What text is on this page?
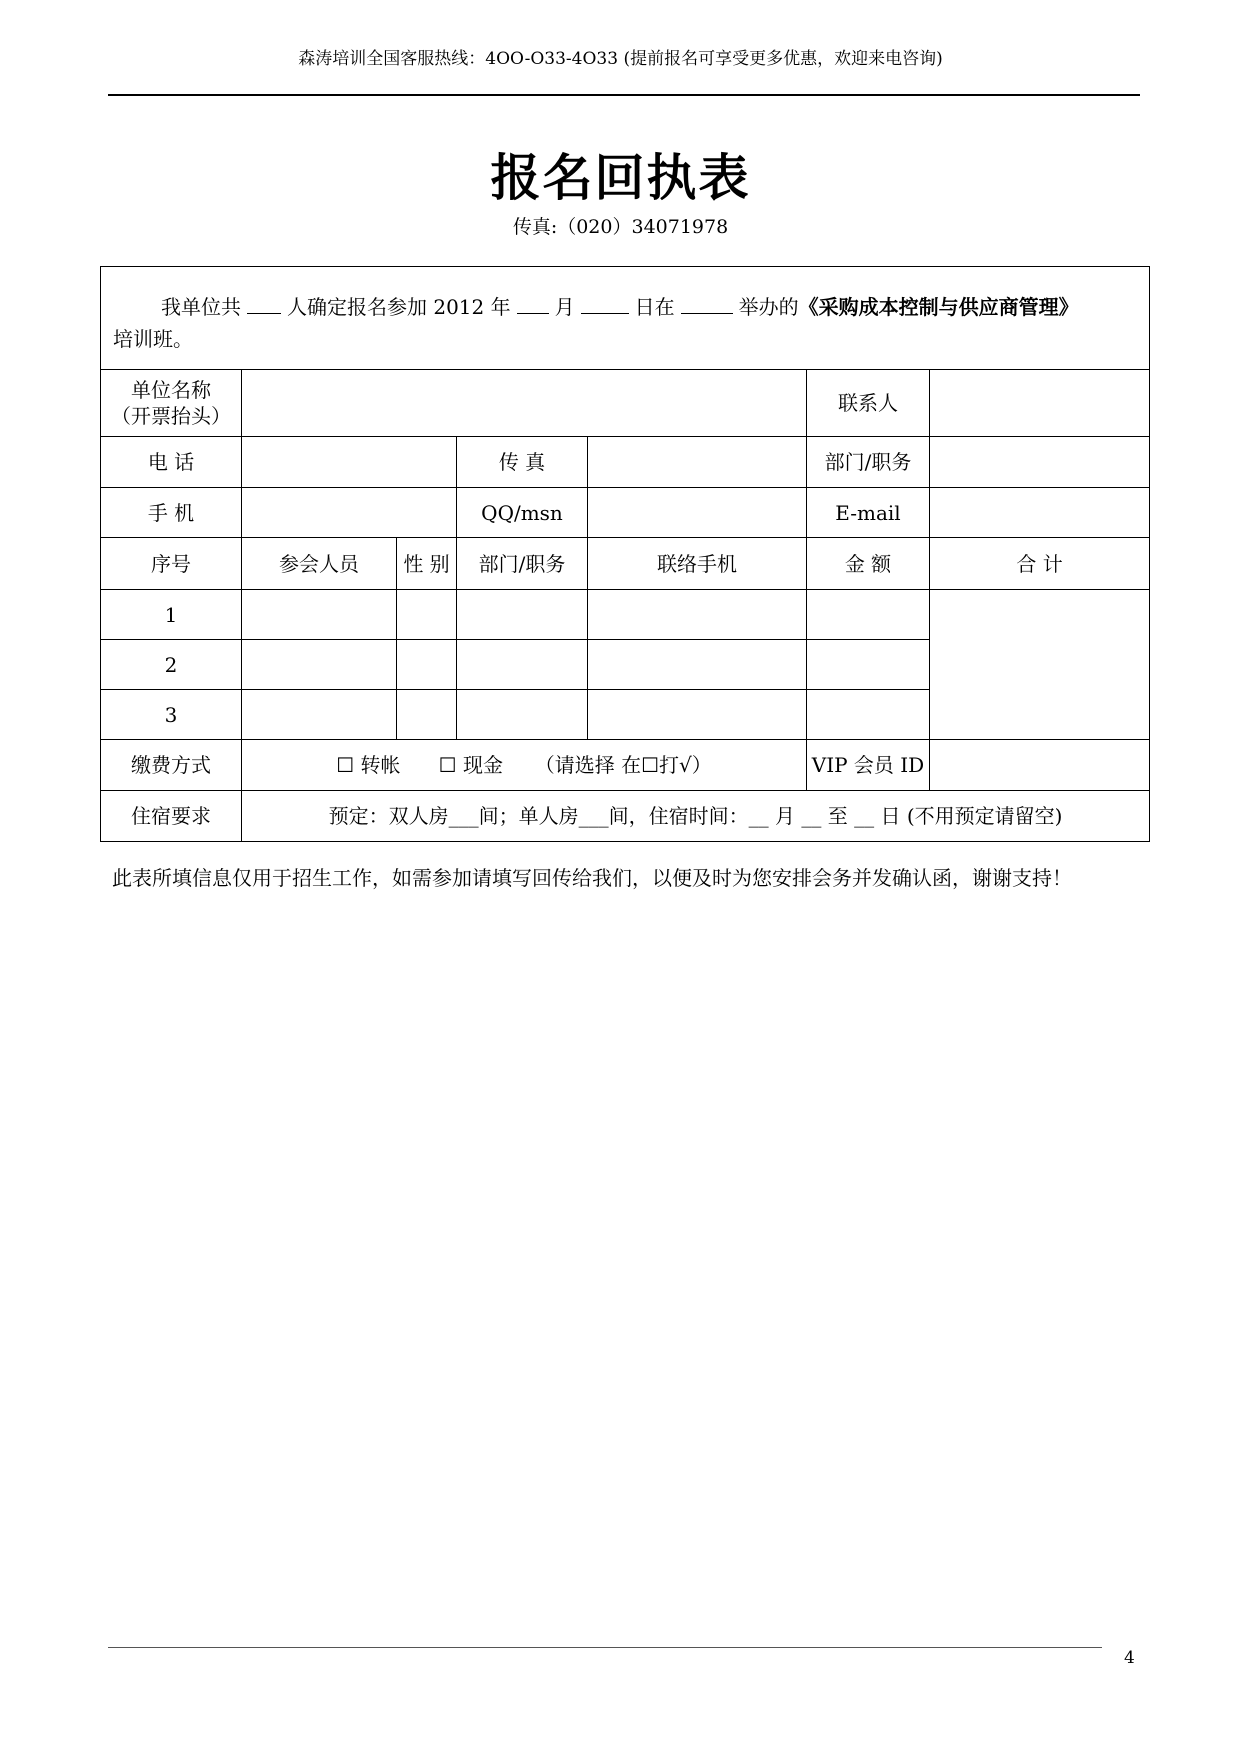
森涛培训全国客服热线：4OO-O33-4O33 (提前报名可享受更多优惠，欢迎来电咨询)
报名回执表
传真:（020）34071978
我单位共 人确定报名参加 2012 年 月 日在 举办的《采购成本控制与供应商管理》
培训班。						

单位名称
（开票抬头）					联系人	
电 话			传 真		部门/职务	
手 机			QQ/msn		E-mail	
序号	参会人员	性 别	部门/职务	联络手机	金 额	合 计
1						
2						
3						
缴费方式	☐ 转帐 ☐ 现金 （请选择 在☐打√）				VIP 会员 ID	
住宿要求	预定：双人房___间；单人房___间，住宿时间：__ 月 __ 至 __ 日 (不用预定请留空)					
此表所填信息仅用于招生工作，如需参加请填写回传给我们，以便及时为您安排会务并发确认函，谢谢支持！
4
